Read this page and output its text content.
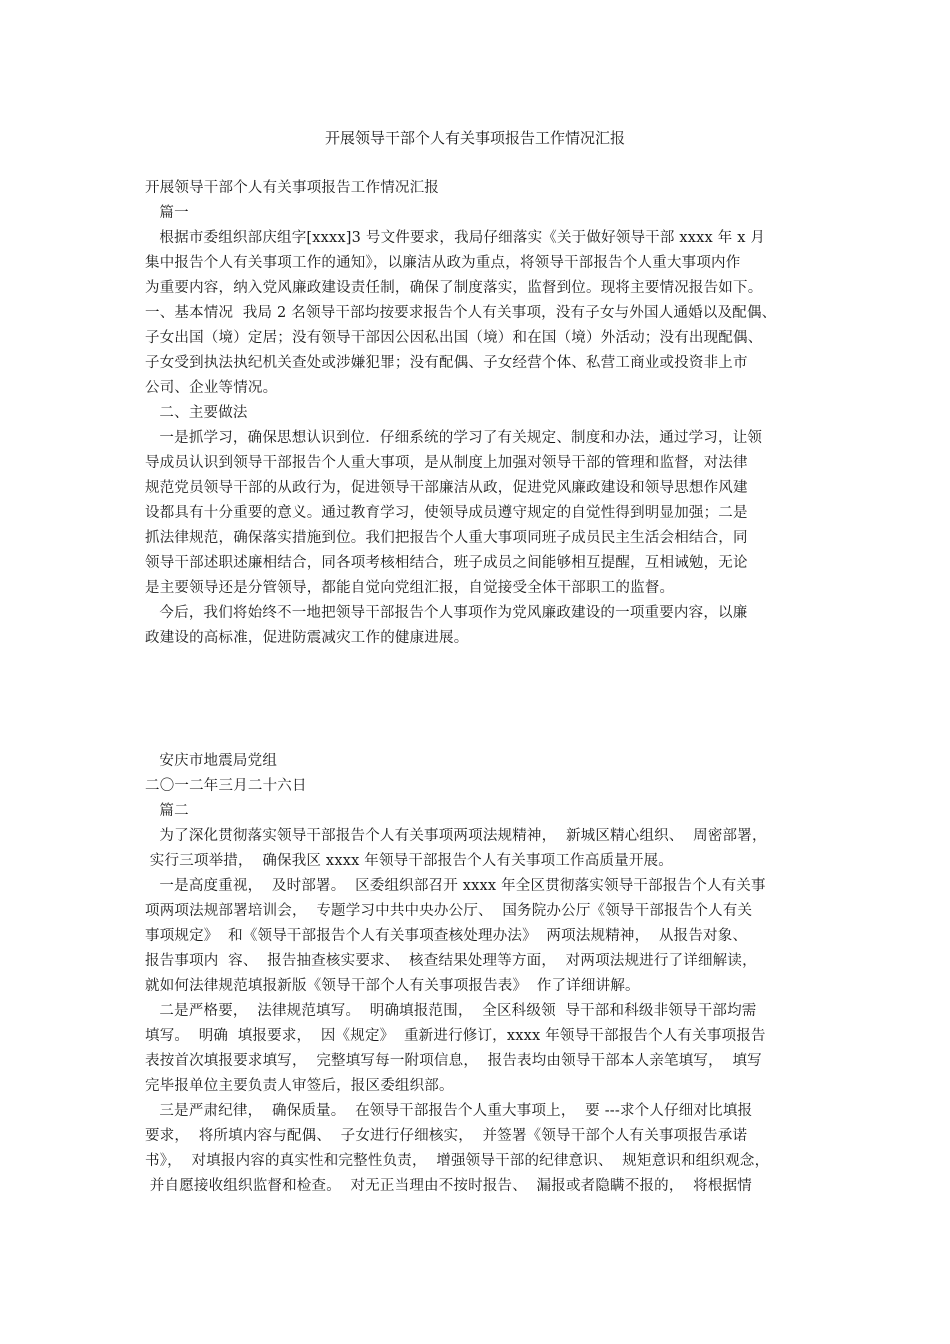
开展领导干部个人有关事项报告工作情况汇报
开展领导干部个人有关事项报告工作情况汇报
篇一
根据市委组织部庆组字[xxxx]3 号文件要求，我局仔细落实《关于做好领导干部 xxxx 年 x 月
集中报告个人有关事项工作的通知》，以廉洁从政为重点，将领导干部报告个人重大事项内作
为重要内容，纳入党风廉政建设责任制，确保了制度落实，监督到位。现将主要情况报告如下。
一、基本情况  我局 2 名领导干部均按要求报告个人有关事项，没有子女与外国人通婚以及配偶、
子女出国（境）定居；没有领导干部因公因私出国（境）和在国（境）外活动；没有出现配偶、
子女受到执法执纪机关查处或涉嫌犯罪；没有配偶、子女经营个体、私营工商业或投资非上市
公司、企业等情况。
二、主要做法
一是抓学习，确保思想认识到位．仔细系统的学习了有关规定、制度和办法，通过学习，让领
导成员认识到领导干部报告个人重大事项，是从制度上加强对领导干部的管理和监督，对法律
规范党员领导干部的从政行为，促进领导干部廉洁从政，促进党风廉政建设和领导思想作风建
设都具有十分重要的意义。通过教育学习，使领导成员遵守规定的自觉性得到明显加强；二是
抓法律规范，确保落实措施到位。我们把报告个人重大事项同班子成员民主生活会相结合，同
领导干部述职述廉相结合，同各项考核相结合，班子成员之间能够相互提醒，互相诫勉，无论
是主要领导还是分管领导，都能自觉向党组汇报，自觉接受全体干部职工的监督。
今后，我们将始终不一地把领导干部报告个人事项作为党风廉政建设的一项重要内容，以廉
政建设的高标准，促进防震减灾工作的健康进展。
安庆市地震局党组
二〇一二年三月二十六日
篇二
为了深化贯彻落实领导干部报告个人有关事项两项法规精神，  新城区精心组织、  周密部署，
实行三项举措，  确保我区 xxxx 年领导干部报告个人有关事项工作高质量开展。
一是高度重视，  及时部署。  区委组织部召开 xxxx 年全区贯彻落实领导干部报告个人有关事
项两项法规部署培训会，  专题学习中共中央办公厅、  国务院办公厅《领导干部报告个人有关
事项规定》  和《领导干部报告个人有关事项查核处理办法》  两项法规精神，  从报告对象、
报告事项内  容、  报告抽查核实要求、  核查结果处理等方面，  对两项法规进行了详细解读，
就如何法律规范填报新版《领导干部个人有关事项报告表》  作了详细讲解。
二是严格要，  法律规范填写。  明确填报范围，  全区科级领  导干部和科级非领导干部均需
填写。  明确  填报要求，  因《规定》  重新进行修订，xxxx 年领导干部报告个人有关事项报告
表按首次填报要求填写，  完整填写每一附项信息，  报告表均由领导干部本人亲笔填写，  填写
完毕报单位主要负责人审签后，报区委组织部。
三是严肃纪律，  确保质量。  在领导干部报告个人重大事项上，  要 ---求个人仔细对比填报
要求，  将所填内容与配偶、  子女进行仔细核实，  并签署《领导干部个人有关事项报告承诺
书》，  对填报内容的真实性和完整性负责，  增强领导干部的纪律意识、  规矩意识和组织观念，
并自愿接收组织监督和检查。  对无正当理由不按时报告、  漏报或者隐瞒不报的，  将根据情
